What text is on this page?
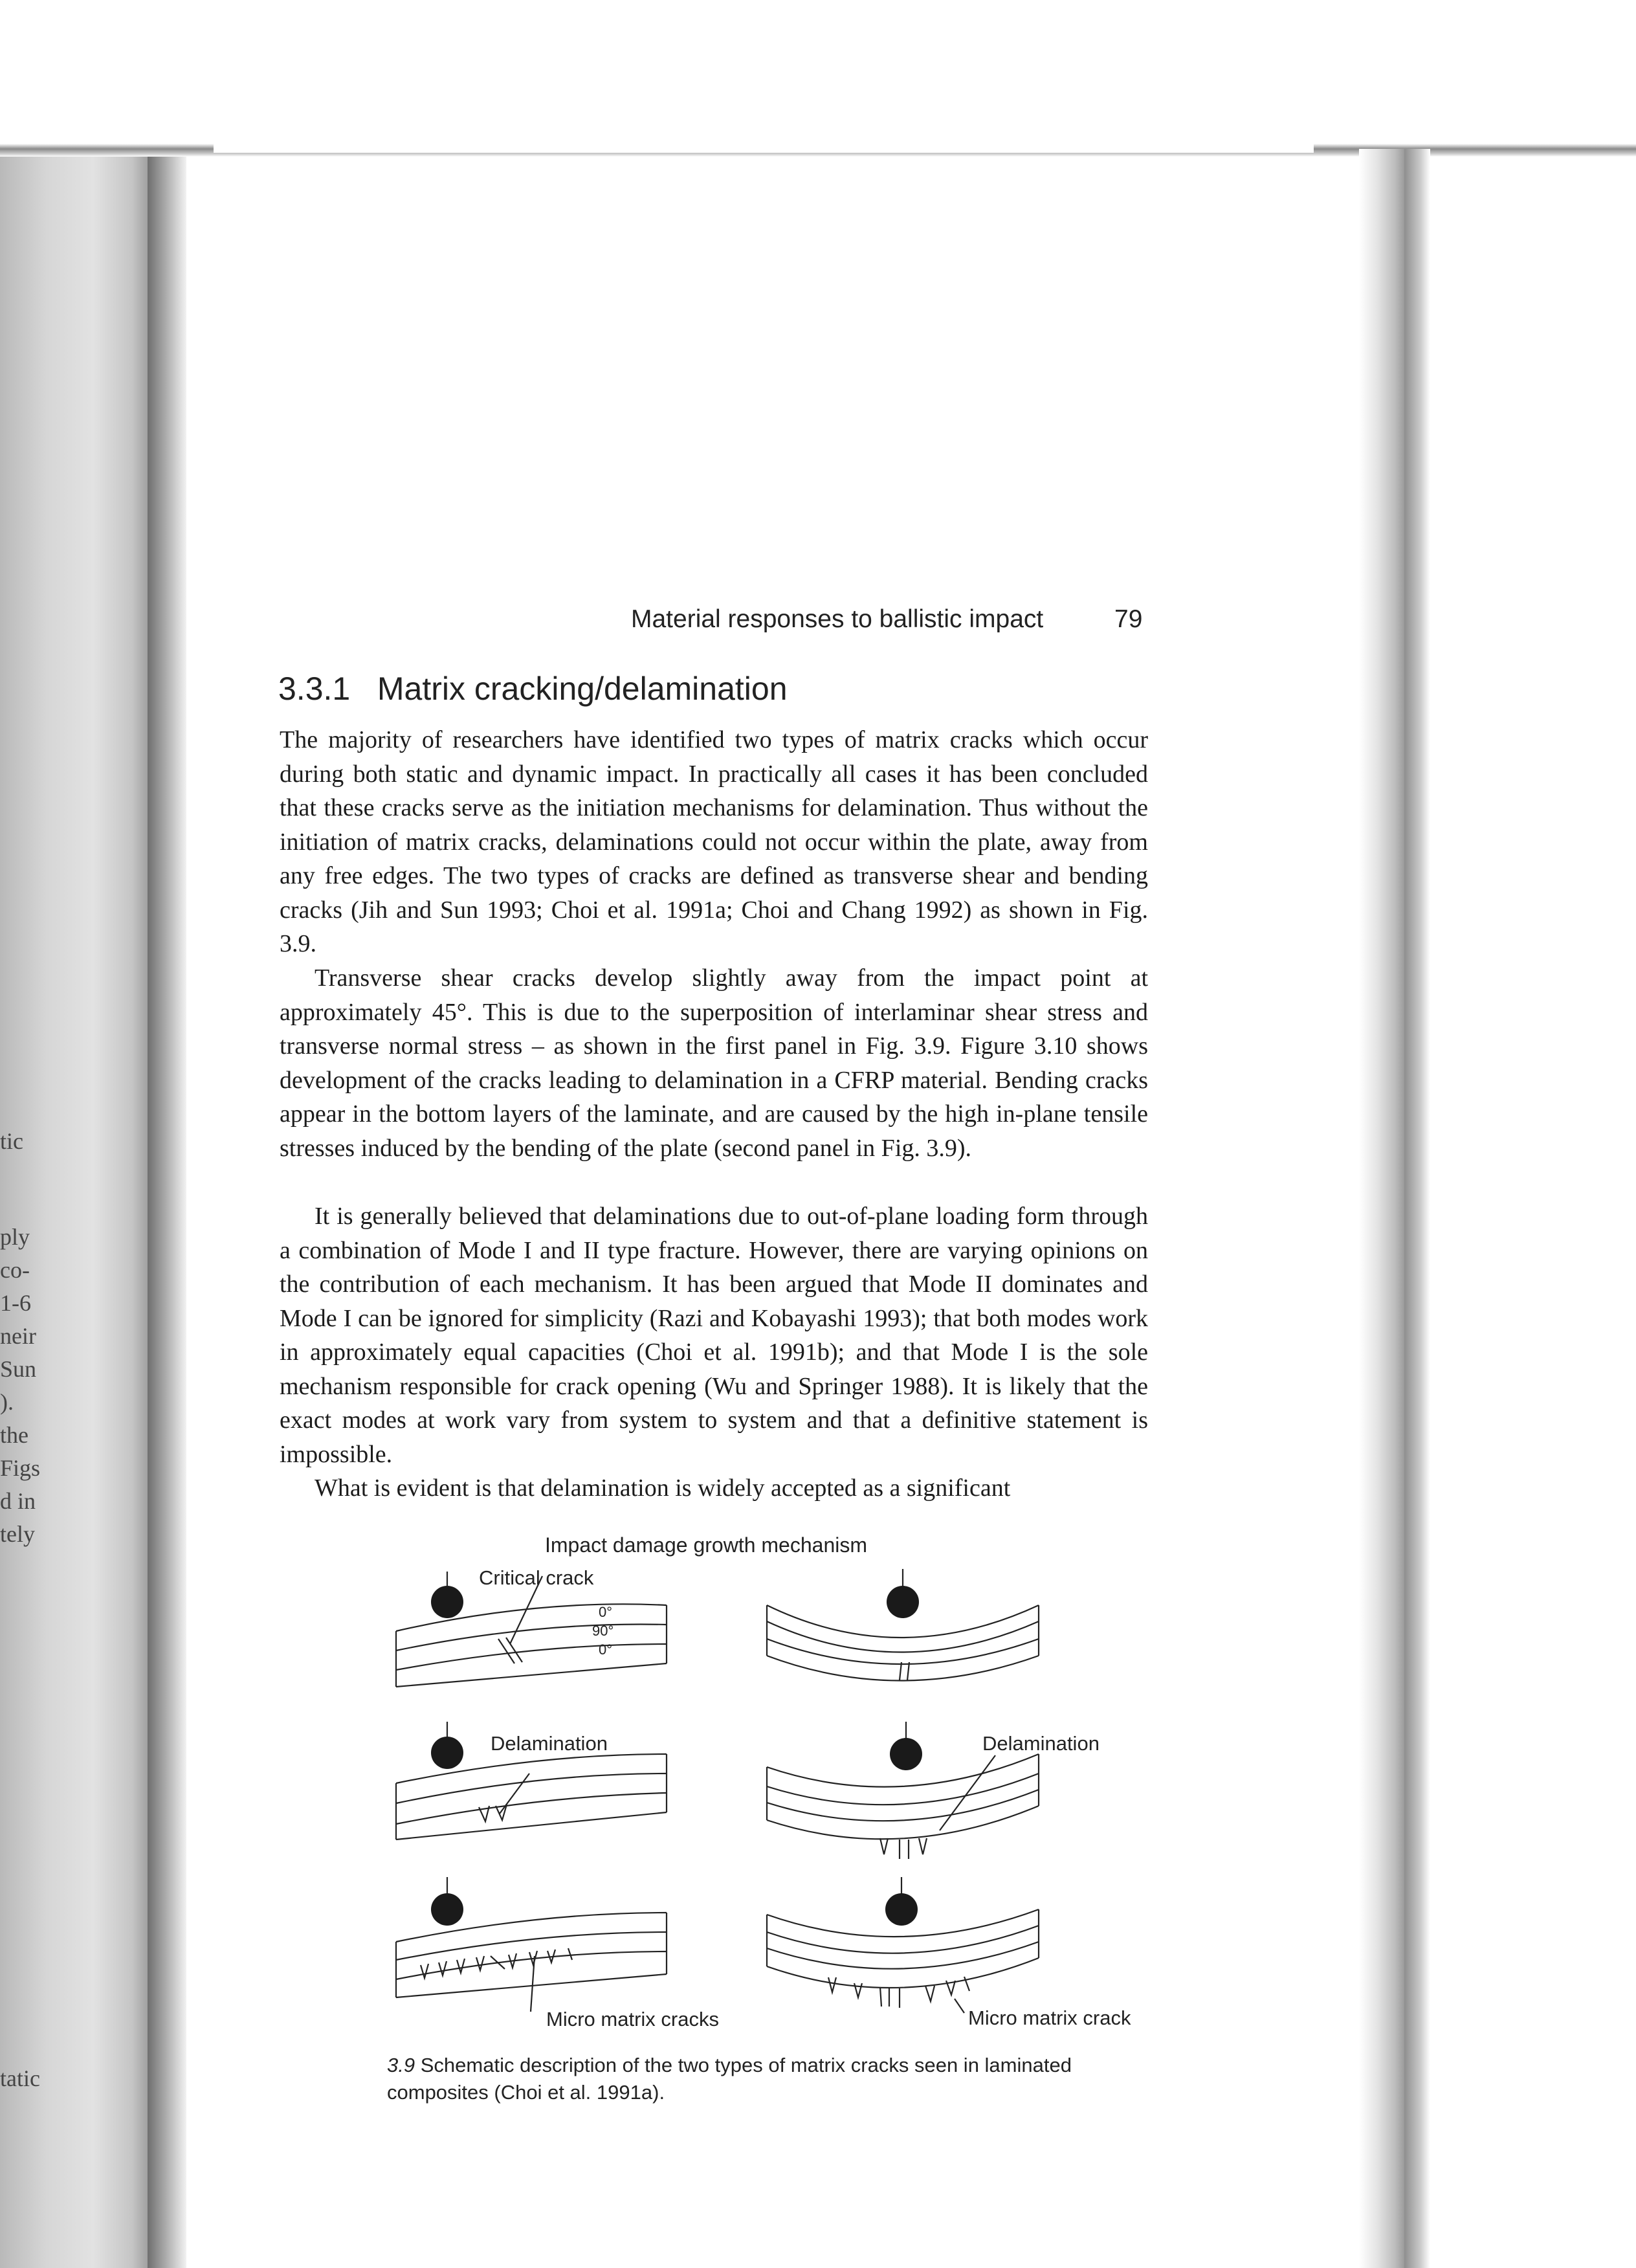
tic
ply
co-
1-6
neir
Sun
).
the
Figs
d in
tely
tatic
Material responses to ballistic impact	79
3.3.1 Matrix cracking/delamination

The majority of researchers have identified two types of matrix cracks which occur during both static and dynamic impact. In practically all cases it has been concluded that these cracks serve as the initiation mechanisms for delamination. Thus without the initiation of matrix cracks, delaminations could not occur within the plate, away from any free edges. The two types of cracks are defined as transverse shear and bending cracks (Jih and Sun 1993; Choi et al. 1991a; Choi and Chang 1992) as shown in Fig. 3.9.

Transverse shear cracks develop slightly away from the impact point at approximately 45°. This is due to the superposition of interlaminar shear stress and transverse normal stress – as shown in the first panel in Fig. 3.9. Figure 3.10 shows development of the cracks leading to delamination in a CFRP material. Bending cracks appear in the bottom layers of the laminate, and are caused by the high in-plane tensile stresses induced by the bending of the plate (second panel in Fig. 3.9).

It is generally believed that delaminations due to out-of-plane loading form through a combination of Mode I and II type fracture. However, there are varying opinions on the contribution of each mechanism. It has been argued that Mode II dominates and Mode I can be ignored for simplicity (Razi and Kobayashi 1993); that both modes work in approximately equal capacities (Choi et al. 1991b); and that Mode I is the sole mechanism responsible for crack opening (Wu and Springer 1988). It is likely that the exact modes at work vary from system to system and that a definitive statement is impossible.

What is evident is that delamination is widely accepted as a significant

Impact damage growth mechanism
Critical crack
0°
90°
0°
Delamination	Delamination
Micro matrix cracks	Micro matrix crack
3.9 Schematic description of the two types of matrix cracks seen in laminated composites (Choi et al. 1991a).
